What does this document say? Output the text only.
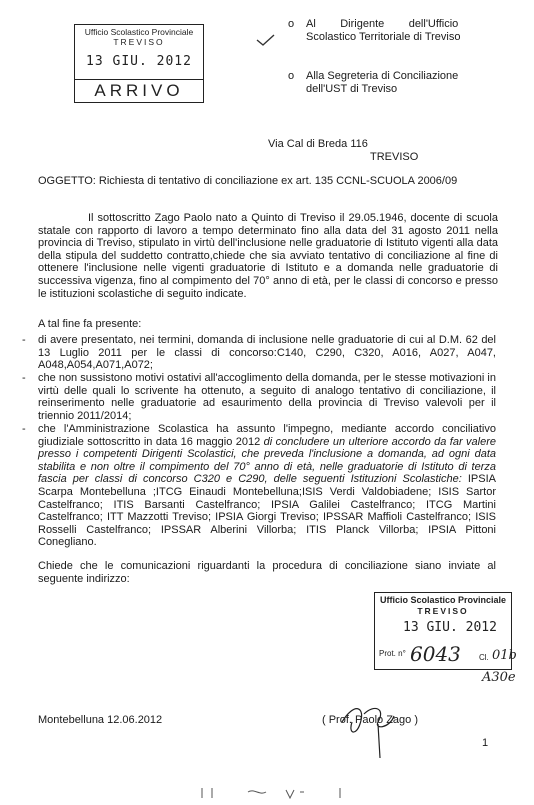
Ufficio Scolastico Provinciale
TREVISO
13 GIU. 2012
ARRIVO
o Al        Dirigente        dell'Ufficio
Scolastico Territoriale di Treviso
o Alla Segreteria di Conciliazione
dell'UST di Treviso
Via Cal di Breda 116
TREVISO
OGGETTO: Richiesta di tentativo di conciliazione ex art. 135 CCNL-SCUOLA 2006/09
Il sottoscritto Zago Paolo nato a Quinto di Treviso il 29.05.1946, docente di scuola statale con rapporto di lavoro a tempo determinato fino alla data del 31 agosto 2011 nella provincia di Treviso, stipulato in virtù dell'inclusione nelle graduatorie di Istituto vigenti alla data della stipula del suddetto contratto,chiede che sia avviato tentativo di conciliazione al fine di ottenere l'inclusione nelle vigenti graduatorie di Istituto e a domanda nelle graduatorie di successiva vigenza, fino al compimento del 70° anno di età, per le classi di concorso e presso le istituzioni scolastiche di seguito indicate.
A tal fine fa presente:
- di avere presentato, nei termini, domanda di inclusione nelle graduatorie di cui al D.M. 62 del 13 Luglio 2011 per le classi di concorso:C140, C290, C320, A016, A027, A047, A048,A054,A071,A072;
- che non sussistono motivi ostativi all'accoglimento della domanda, per le stesse motivazioni in virtù delle quali lo scrivente ha ottenuto, a seguito di analogo tentativo di conciliazione, il reinserimento nelle graduatorie ad esaurimento della provincia di Treviso valevoli per il triennio 2011/2014;
- che l'Amministrazione Scolastica ha assunto l'impegno, mediante accordo conciliativo giudiziale sottoscritto in data 16 maggio 2012 di concludere un ulteriore accordo da far valere presso i competenti Dirigenti Scolastici, che preveda l'inclusione a domanda, ad ogni data stabilita e non oltre il compimento del 70° anno di età, nelle graduatorie di Istituto di terza fascia per classi di concorso C320 e C290, delle seguenti Istituzioni Scolastiche: IPSIA Scarpa Montebelluna ;ITCG Einaudi Montebelluna;ISIS Verdi Valdobiadene; ISIS Sartor Castelfranco; ITIS Barsanti Castelfranco; IPSIA Galilei Castelfranco; ITCG Martini Castelfranco; ITT Mazzotti Treviso; IPSIA Giorgi Treviso; IPSSAR Maffioli Castelfranco; ISIS Rosselli Castelfranco; IPSSAR Alberini Villorba; ITIS Planck Villorba; IPSIA Pittoni Conegliano.
Chiede che le comunicazioni riguardanti la procedura di conciliazione siano inviate al seguente indirizzo:
Ufficio Scolastico Provinciale
TREVISO
13 GIU. 2012
Prot. n°	Cl.
6043 01b
A30e
Montebelluna 12.06.2012	( Prof. Paolo Zago )
1
